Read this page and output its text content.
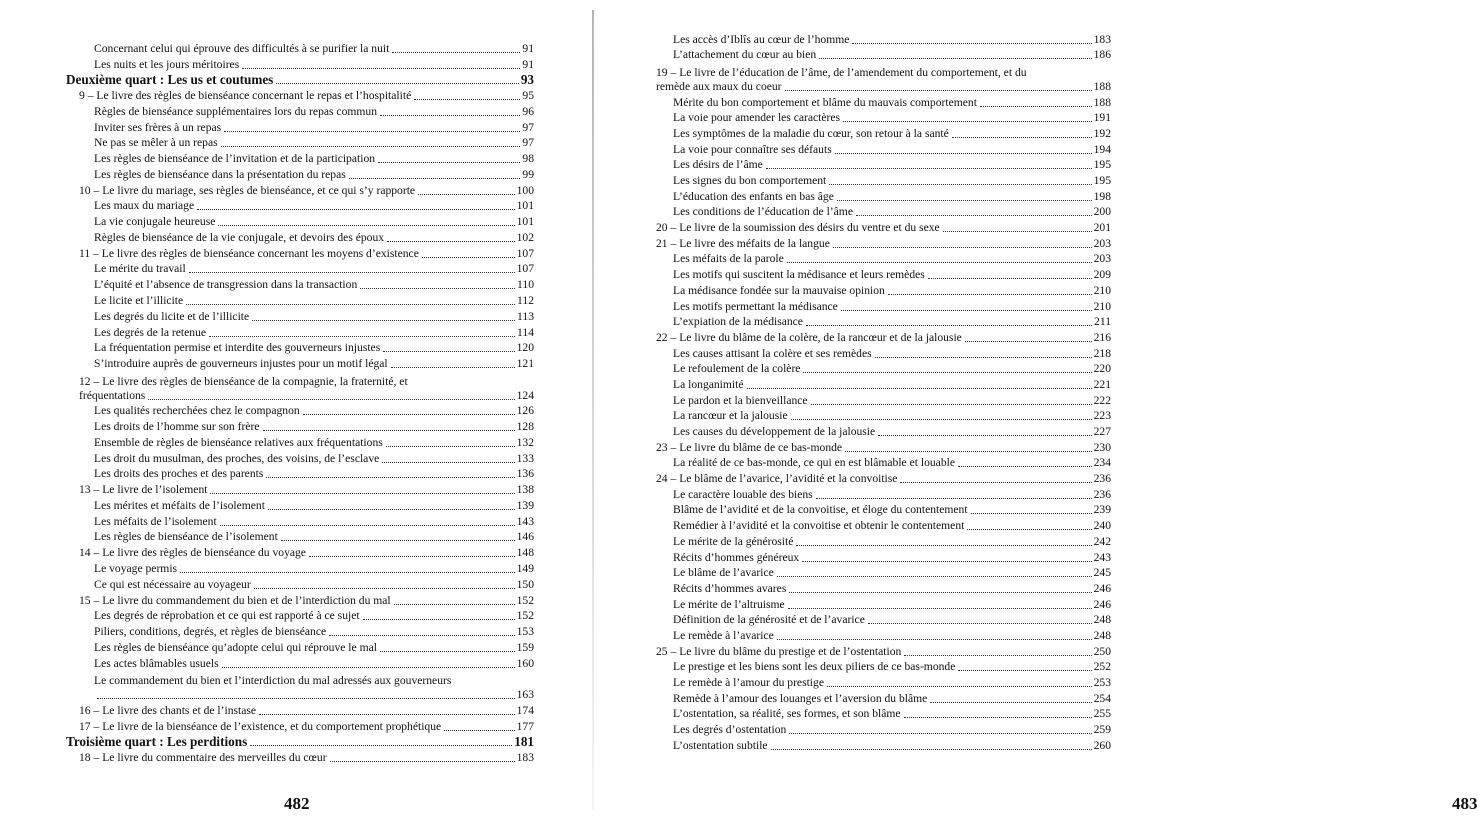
Concernant celui qui éprouve des difficultés à se purifier la nuit	91
Les nuits et les jours méritoires	91
Deuxième quart : Les us et coutumes	93
9 – Le livre des règles de bienséance concernant le repas et l’hospitalité	95
Règles de bienséance supplémentaires lors du repas commun	96
Inviter ses frères à un repas	97
Ne pas se mêler à un repas	97
Les règles de bienséance de l’invitation et de la participation	98
Les règles de bienséance dans la présentation du repas	99
10 – Le livre du mariage, ses règles de bienséance, et ce qui s’y rapporte	100
Les maux du mariage	101
La vie conjugale heureuse	101
Règles de bienséance de la vie conjugale, et devoirs des époux	102
11 – Le livre des règles de bienséance concernant les moyens d’existence	107
Le mérite du travail	107
L’équité et l’absence de transgression dans la transaction	110
Le licite et l’illicite	112
Les degrés du licite et de l’illicite	113
Les degrés de la retenue	114
La fréquentation permise et interdite des gouverneurs injustes	120
S’introduire auprès de gouverneurs injustes pour un motif légal	121
12 – Le livre des règles de bienséance de la compagnie, la fraternité, et
fréquentations	124
Les qualités recherchées chez le compagnon	126
Les droits de l’homme sur son frère	128
Ensemble de règles de bienséance relatives aux fréquentations	132
Les droit du musulman, des proches, des voisins, de l’esclave	133
Les droits des proches et des parents	136
13 – Le livre de l’isolement	138
Les mérites et méfaits de l’isolement	139
Les méfaits de l’isolement	143
Les règles de bienséance de l’isolement	146
14 – Le livre des règles de bienséance du voyage	148
Le voyage permis	149
Ce qui est nécessaire au voyageur	150
15 – Le livre du commandement du bien et de l’interdiction du mal	152
Les degrés de réprobation et ce qui est rapporté à ce sujet	152
Piliers, conditions, degrés, et règles de bienséance	153
Les règles de bienséance qu’adopte celui qui réprouve le mal	159
Les actes blâmables usuels	160
Le commandement du bien et l’interdiction du mal adressés aux gouverneurs
163
16 – Le livre des chants et de l’instase	174
17 – Le livre de la bienséance de l’existence, et du comportement prophétique	177
Troisième quart : Les perditions	181
18 – Le livre du commentaire des merveilles du cœur	183
482	483
Les accès d’Iblîs au cœur de l’homme	183
L’attachement du cœur au bien	186
19 – Le livre de l’éducation de l’âme, de l’amendement du comportement, et du
remède aux maux du coeur	188
Mérite du bon comportement et blâme du mauvais comportement	188
La voie pour amender les caractères	191
Les symptômes de la maladie du cœur, son retour à la santé	192
La voie pour connaître ses défauts	194
Les désirs de l’âme	195
Les signes du bon comportement	195
L’éducation des enfants en bas âge	198
Les conditions de l’éducation de l’âme	200
20 – Le livre de la soumission des désirs du ventre et du sexe	201
21 – Le livre des méfaits de la langue	203
Les méfaits de la parole	203
Les motifs qui suscitent la médisance et leurs remèdes	209
La médisance fondée sur la mauvaise opinion	210
Les motifs permettant la médisance	210
L’expiation de la médisance	211
22 – Le livre du blâme de la colère, de la rancœur et de la jalousie	216
Les causes attisant la colère et ses remèdes	218
Le refoulement de la colère	220
La longanimité	221
Le pardon et la bienveillance	222
La rancœur et la jalousie	223
Les causes du développement de la jalousie	227
23 – Le livre du blâme de ce bas-monde	230
La réalité de ce bas-monde, ce qui en est blâmable et louable	234
24 – Le blâme de l’avarice, l’avidité et la convoitise	236
Le caractère louable des biens	236
Blâme de l’avidité et de la convoitise, et éloge du contentement	239
Remédier à l’avidité et la convoitise et obtenir le contentement	240
Le mérite de la générosité	242
Récits d’hommes généreux	243
Le blâme de l’avarice	245
Récits d’hommes avares	246
Le mérite de l’altruisme	246
Définition de la générosité et de l’avarice	248
Le remède à l’avarice	248
25 – Le livre du blâme du prestige et de l’ostentation	250
Le prestige et les biens sont les deux piliers de ce bas-monde	252
Le remède à l’amour du prestige	253
Remède à l’amour des louanges et l’aversion du blâme	254
L’ostentation, sa réalité, ses formes, et son blâme	255
Les degrés d’ostentation	259
L’ostentation subtile	260
